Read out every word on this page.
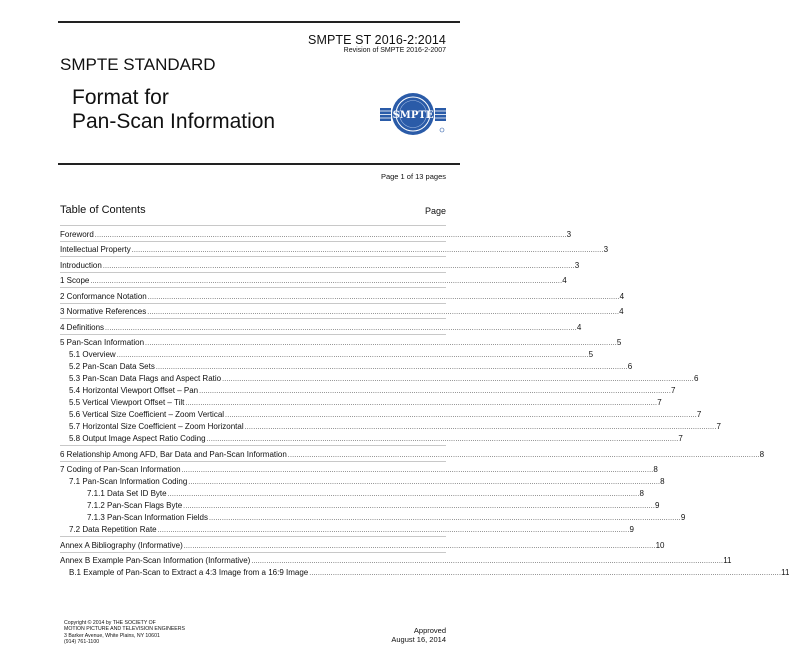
SMPTE ST 2016-2:2014
Revision of SMPTE 2016-2-2007
SMPTE STANDARD
Format for
Pan-Scan Information	SMPTE
Page 1 of 13 pages
Table of Contents	Page
Foreword ............................................................................................................................................................................................................................ 3
Intellectual Property ............................................................................................................................................................................................................................ 3
Introduction ............................................................................................................................................................................................................................ 3
1 Scope ............................................................................................................................................................................................................................ 4
2 Conformance Notation ............................................................................................................................................................................................................................ 4
3 Normative References ............................................................................................................................................................................................................................ 4
4 Definitions ............................................................................................................................................................................................................................ 4
5 Pan-Scan Information ............................................................................................................................................................................................................................ 5
5.1 Overview ............................................................................................................................................................................................................................ 5
5.2 Pan-Scan Data Sets ............................................................................................................................................................................................................................ 6
5.3 Pan-Scan Data Flags and Aspect Ratio ............................................................................................................................................................................................................................ 6
5.4 Horizontal Viewport Offset – Pan ............................................................................................................................................................................................................................ 7
5.5 Vertical Viewport Offset – Tilt ............................................................................................................................................................................................................................ 7
5.6 Vertical Size Coefficient – Zoom Vertical ............................................................................................................................................................................................................................ 7
5.7 Horizontal Size Coefficient – Zoom Horizontal ............................................................................................................................................................................................................................ 7
5.8 Output Image Aspect Ratio Coding ............................................................................................................................................................................................................................ 7
6 Relationship Among AFD, Bar Data and Pan-Scan Information ............................................................................................................................................................................................................................ 8
7 Coding of Pan-Scan Information ............................................................................................................................................................................................................................ 8
7.1 Pan-Scan Information Coding ............................................................................................................................................................................................................................ 8
7.1.1 Data Set ID Byte ............................................................................................................................................................................................................................ 8
7.1.2 Pan-Scan Flags Byte ............................................................................................................................................................................................................................ 9
7.1.3 Pan-Scan Information Fields ............................................................................................................................................................................................................................ 9
7.2 Data Repetition Rate ............................................................................................................................................................................................................................ 9
Annex A Bibliography (Informative) ............................................................................................................................................................................................................................ 10
Annex B Example Pan-Scan Information (Informative) ............................................................................................................................................................................................................................ 11
B.1 Example of Pan-Scan to Extract a 4:3 Image from a 16:9 Image ............................................................................................................................................................................................................................ 11
Copyright © 2014 by THE SOCIETY OF
MOTION PICTURE AND TELEVISION ENGINEERS
3 Barker Avenue, White Plains, NY 10601
(914) 761-1100
Approved
August 16, 2014
